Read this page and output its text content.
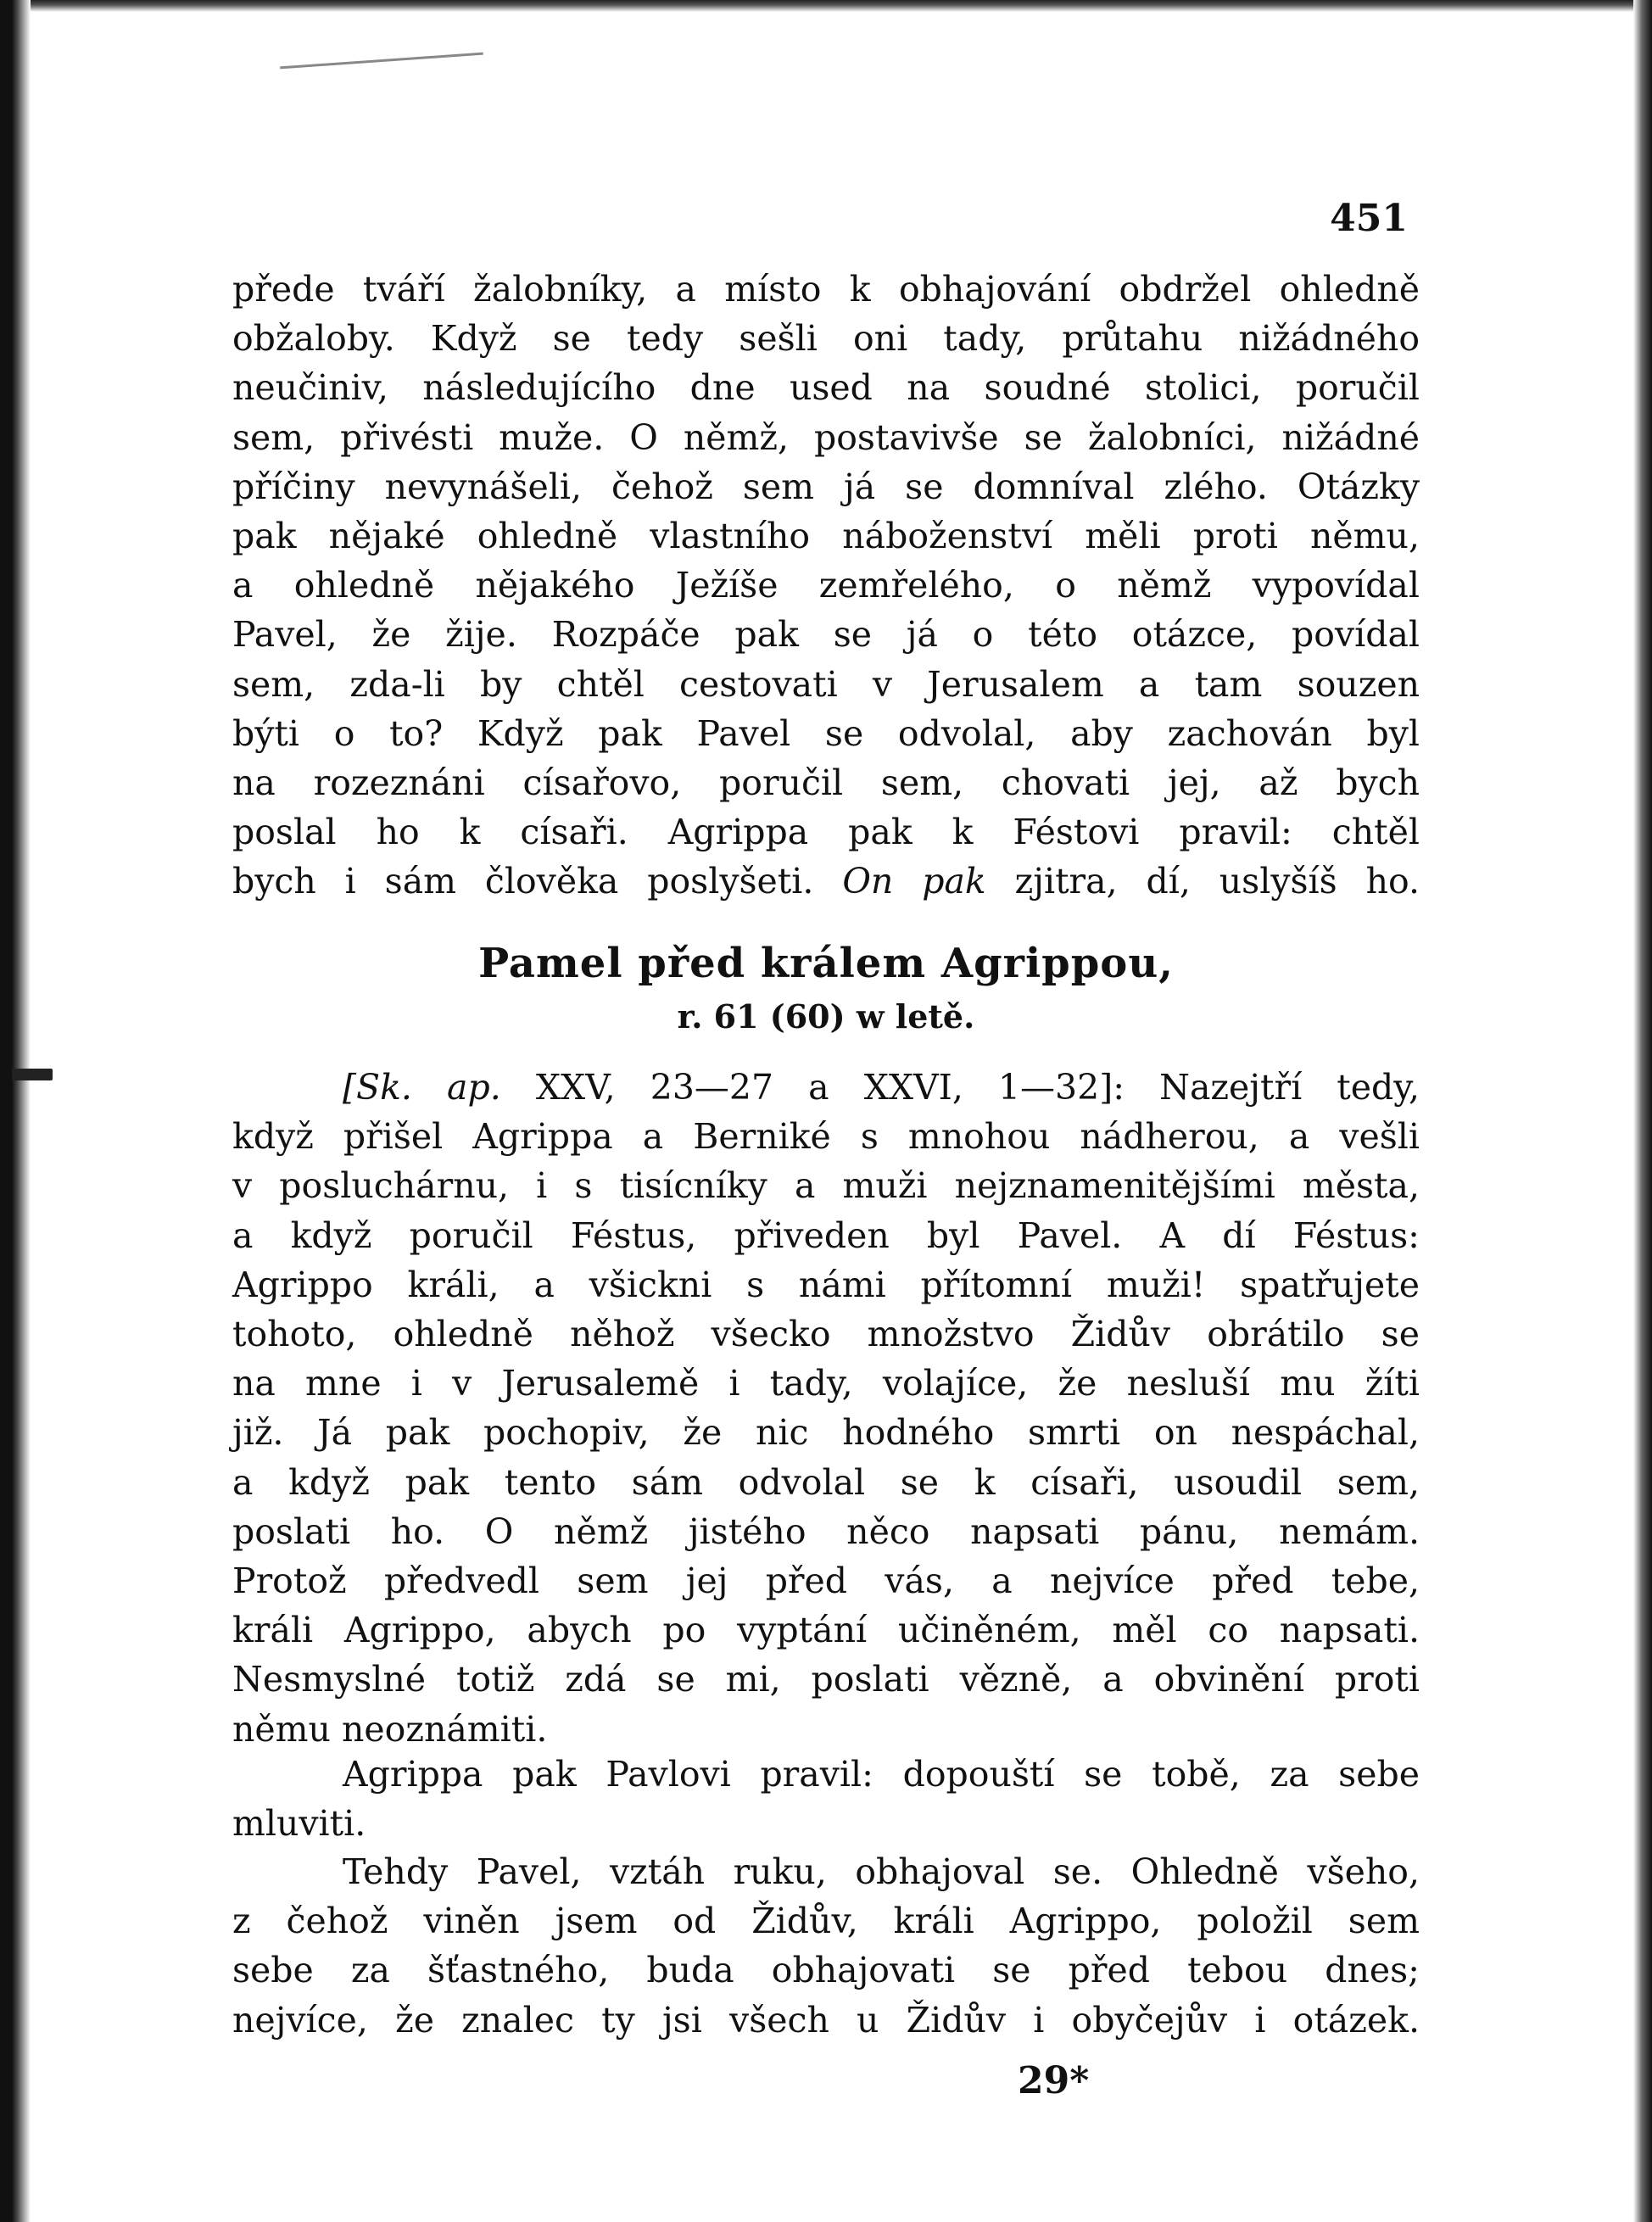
451
přede tváří žalobníky, a místo k obhajování obdržel ohledně
obžaloby. Když se tedy sešli oni tady, průtahu nižádného
neučiniv, následujícího dne used na soudné stolici, poručil
sem, přivésti muže. O němž, postavivše se žalobníci, nižádné
příčiny nevynášeli, čehož sem já se domníval zlého. Otázky
pak nějaké ohledně vlastního náboženství měli proti němu,
a ohledně nějakého Ježíše zemřelého, o němž vypovídal
Pavel, že žije. Rozpáče pak se já o této otázce, povídal
sem, zda-li by chtěl cestovati v Jerusalem a tam souzen
býti o to? Když pak Pavel se odvolal, aby zachován byl
na rozeznáni císařovo, poručil sem, chovati jej, až bych
poslal ho k císaři. Agrippa pak k Féstovi pravil: chtěl
bych i sám člověka poslyšeti. On pak zjitra, dí, uslyšíš ho.
Pamel před králem Agrippou,
r. 61 (60) w letě.
[Sk. ap. XXV, 23—27 a XXVI, 1—32]: Nazejtří tedy,
když přišel Agrippa a Berniké s mnohou nádherou, a vešli
v posluchárnu, i s tisícníky a muži nejznamenitějšími města,
a když poručil Féstus, přiveden byl Pavel. A dí Féstus:
Agrippo králi, a všickni s námi přítomní muži! spatřujete
tohoto, ohledně něhož všecko množstvo Židův obrátilo se
na mne i v Jerusalemě i tady, volajíce, že nesluší mu žíti
již. Já pak pochopiv, že nic hodného smrti on nespáchal,
a když pak tento sám odvolal se k císaři, usoudil sem,
poslati ho. O němž jistého něco napsati pánu, nemám.
Protož předvedl sem jej před vás, a nejvíce před tebe,
králi Agrippo, abych po vyptání učiněném, měl co napsati.
Nesmyslné totiž zdá se mi, poslati vězně, a obvinění proti
němu neoznámiti.
Agrippa pak Pavlovi pravil: dopouští se tobě, za sebe
mluviti.
Tehdy Pavel, vztáh ruku, obhajoval se. Ohledně všeho,
z čehož viněn jsem od Židův, králi Agrippo, položil sem
sebe za šťastného, buda obhajovati se před tebou dnes;
nejvíce, že znalec ty jsi všech u Židův i obyčejův i otázek.
29*
